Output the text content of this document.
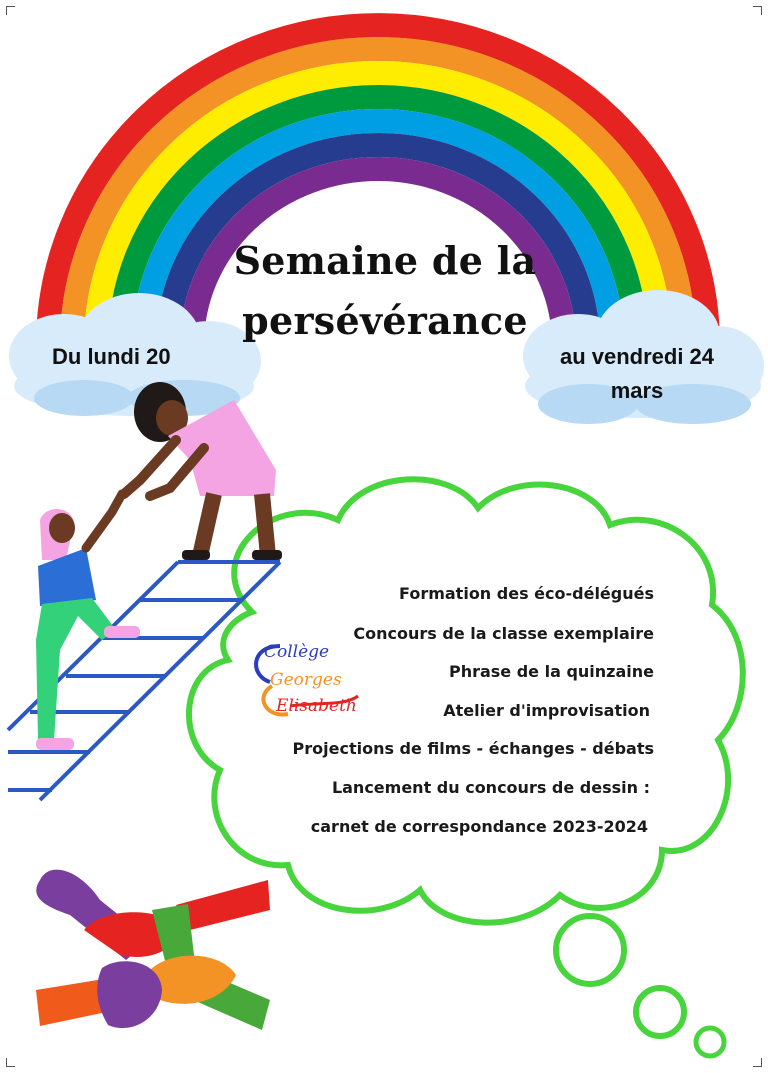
Semaine de la
persévérance
Du lundi 20	au vendredi 24
mars
Formation des éco-délégués
Concours de la classe exemplaire
Phrase de la quinzaine
Atelier d'improvisation
Projections de films - échanges - débats
Lancement du concours de dessin :
carnet de correspondance 2023-2024
Collège
Georges
Elisabeth
